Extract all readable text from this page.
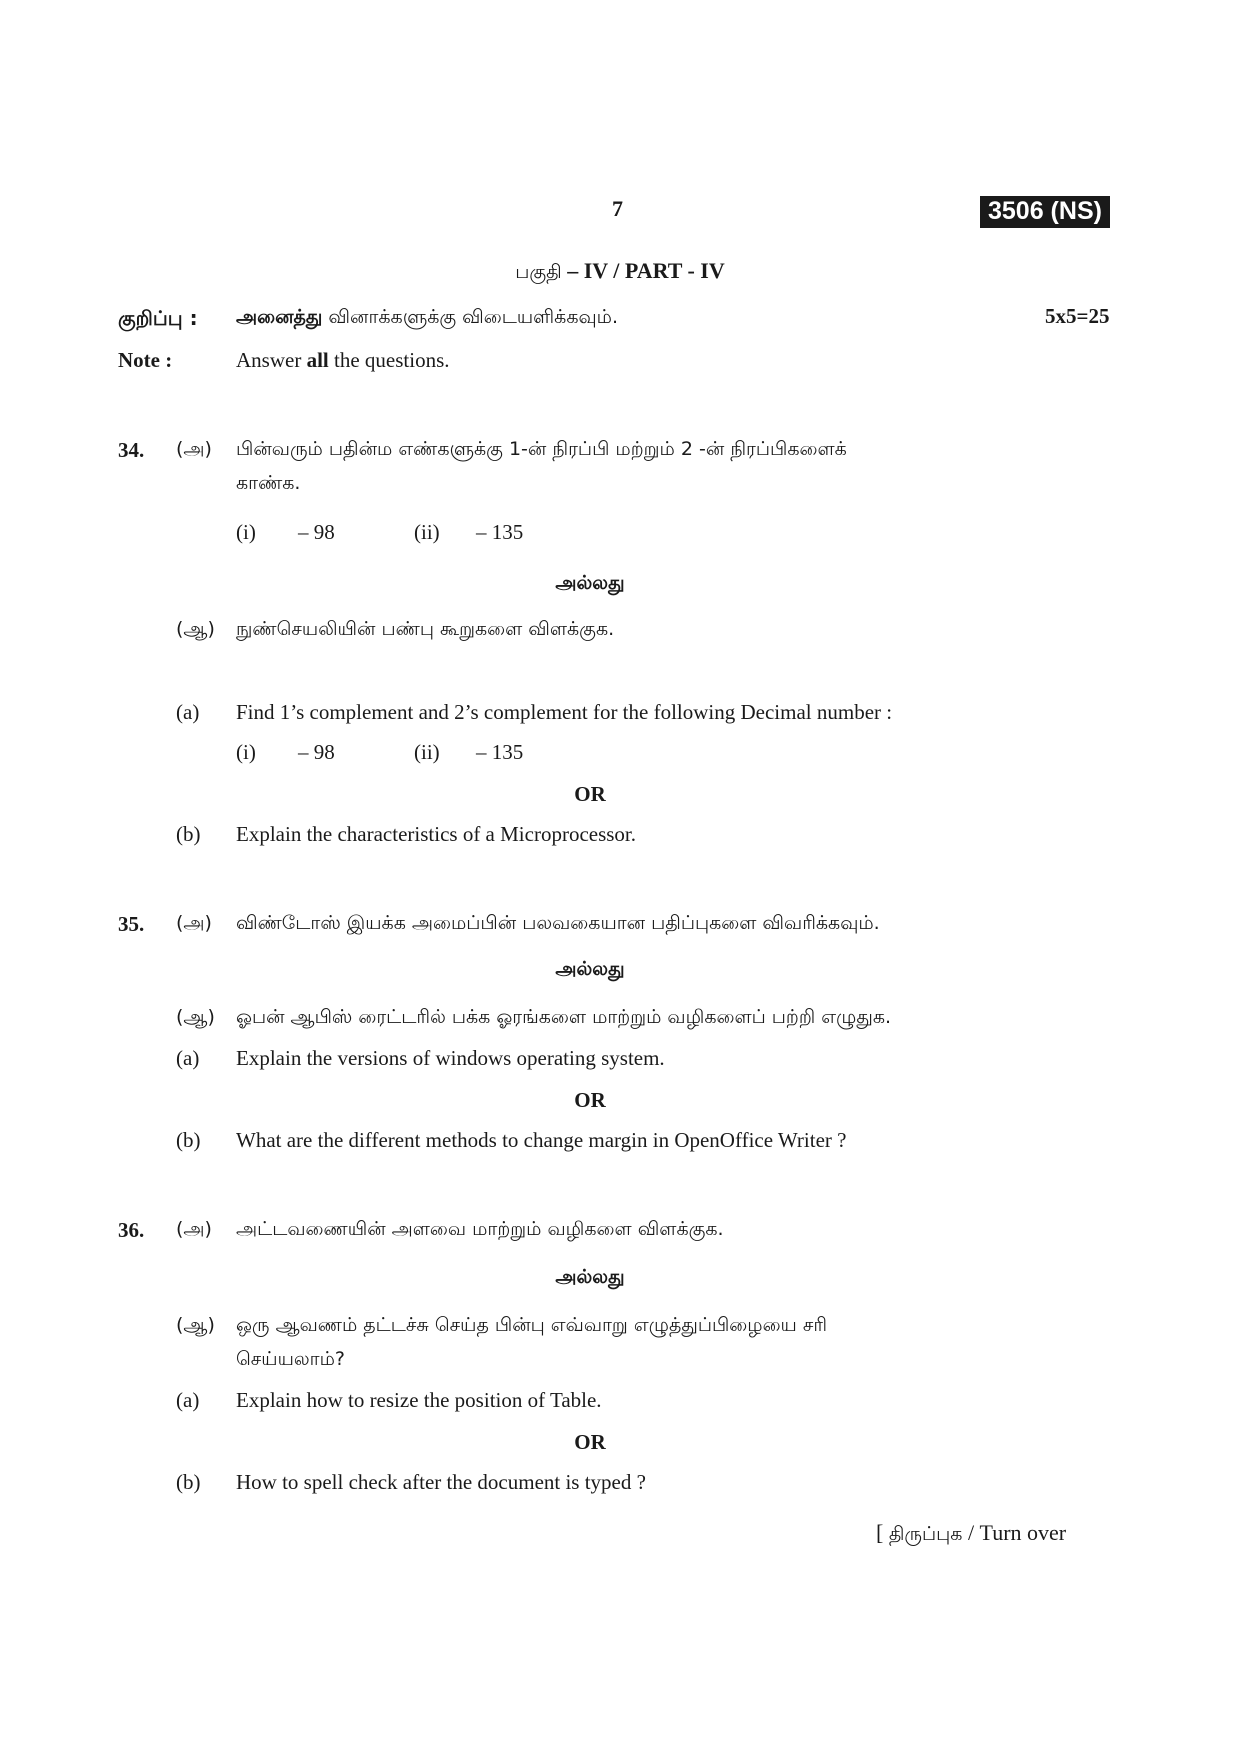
7	3506 (NS)
பகுதி – IV / PART - IV
குறிப்பு : அனைத்து வினாக்களுக்கு விடையளிக்கவும்.	5x5=25
Note :	Answer all the questions.
34. (அ) பின்வரும் பதின்ம எண்களுக்கு 1-ன் நிரப்பி மற்றும் 2 -ன் நிரப்பிகளைக்
காண்க.
(i) – 98	(ii) – 135
அல்லது
(ஆ) நுண்செயலியின் பண்பு கூறுகளை விளக்குக.
(a) Find 1’s complement and 2’s complement for the following Decimal number :
(i) – 98	(ii) – 135
OR
(b) Explain the characteristics of a Microprocessor.
35. (அ) விண்டோஸ் இயக்க அமைப்பின் பலவகையான பதிப்புகளை விவரிக்கவும்.
அல்லது
(ஆ) ஓபன் ஆபிஸ் ரைட்டரில் பக்க ஓரங்களை மாற்றும் வழிகளைப் பற்றி எழுதுக.
(a) Explain the versions of windows operating system.
OR
(b) What are the different methods to change margin in OpenOffice Writer ?
36. (அ) அட்டவணையின் அளவை மாற்றும் வழிகளை விளக்குக.
அல்லது
(ஆ) ஒரு ஆவணம் தட்டச்சு செய்த பின்பு எவ்வாறு எழுத்துப்பிழையை சரி
செய்யலாம்?
(a) Explain how to resize the position of Table.
OR
(b) How to spell check after the document is typed ?
[ திருப்புக / Turn over
